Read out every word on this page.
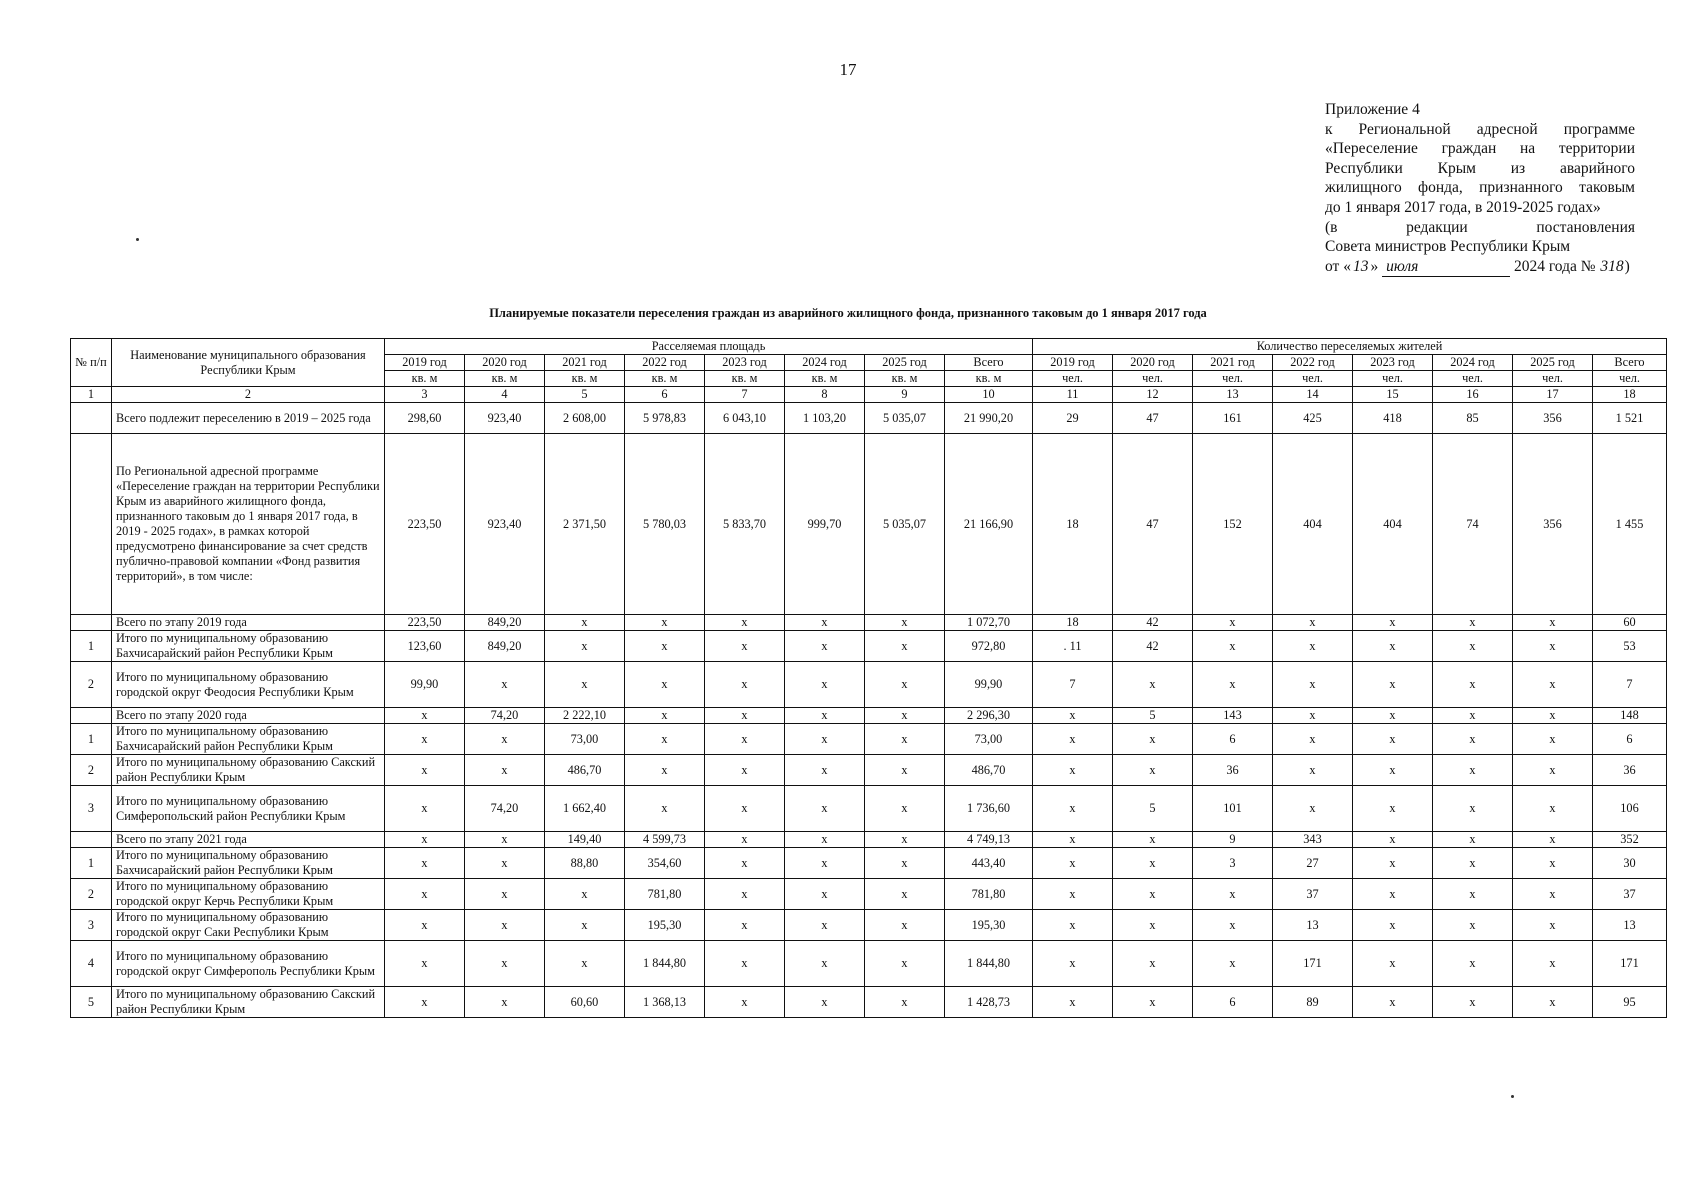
17
Приложение 4
к Региональной адресной программе
«Переселение граждан на территории
Республики Крым из аварийного
жилищного фонда, признанного таковым
до 1 января 2017 года, в 2019-2025 годах»
(в редакции постановления
Совета министров Республики Крым
от « 13 » июля	2024 года № 318)
Планируемые показатели переселения граждан из аварийного жилищного фонда, признанного таковым до 1 января 2017 года
№ п/п	Наименование муниципального образования Республики Крым	Расселяемая площадь								Количество переселяемых жителей							
		2019 год	2020 год	2021 год	2022 год	2023 год	2024 год	2025 год	Всего	2019 год	2020 год	2021 год	2022 год	2023 год	2024 год	2025 год	Всего
		кв. м	кв. м	кв. м	кв. м	кв. м	кв. м	кв. м	кв. м	чел.	чел.	чел.	чел.	чел.	чел.	чел.	чел.
1	2	3	4	5	6	7	8	9	10	11	12	13	14	15	16	17	18
	Всего подлежит переселению в 2019 – 2025 года	298,60	923,40	2 608,00	5 978,83	6 043,10	1 103,20	5 035,07	21 990,20	29	47	161	425	418	85	356	1 521
	По Региональной адресной программе «Переселение граждан на территории Республики Крым из аварийного жилищного фонда, признанного таковым до 1 января 2017 года, в 2019 - 2025 годах», в рамках которой предусмотрено финансирование за счет средств публично-правовой компании «Фонд развития территорий», в том числе:	223,50	923,40	2 371,50	5 780,03	5 833,70	999,70	5 035,07	21 166,90	18	47	152	404	404	74	356	1 455
	Всего по этапу 2019 года	223,50	849,20	x	x	x	x	x	1 072,70	18	42	x	x	x	x	x	60
1	Итого по муниципальному образованию Бахчисарайский район Республики Крым	123,60	849,20	x	x	x	x	x	972,80	. 11	42	x	x	x	x	x	53
2	Итого по муниципальному образованию городской округ Феодосия Республики Крым	99,90	x	x	x	x	x	x	99,90	7	x	x	x	x	x	x	7
	Всего по этапу 2020 года	x	74,20	2 222,10	x	x	x	x	2 296,30	x	5	143	x	x	x	x	148
1	Итого по муниципальному образованию Бахчисарайский район Республики Крым	x	x	73,00	x	x	x	x	73,00	x	x	6	x	x	x	x	6
2	Итого по муниципальному образованию Сакский район Республики Крым	x	x	486,70	x	x	x	x	486,70	x	x	36	x	x	x	x	36
3	Итого по муниципальному образованию Симферопольский район Республики Крым	x	74,20	1 662,40	x	x	x	x	1 736,60	x	5	101	x	x	x	x	106
	Всего по этапу 2021 года	x	x	149,40	4 599,73	x	x	x	4 749,13	x	x	9	343	x	x	x	352
1	Итого по муниципальному образованию Бахчисарайский район Республики Крым	x	x	88,80	354,60	x	x	x	443,40	x	x	3	27	x	x	x	30
2	Итого по муниципальному образованию городской округ Керчь Республики Крым	x	x	x	781,80	x	x	x	781,80	x	x	x	37	x	x	x	37
3	Итого по муниципальному образованию городской округ Саки Республики Крым	x	x	x	195,30	x	x	x	195,30	x	x	x	13	x	x	x	13
4	Итого по муниципальному образованию городской округ Симферополь Республики Крым	x	x	x	1 844,80	x	x	x	1 844,80	x	x	x	171	x	x	x	171
5	Итого по муниципальному образованию Сакский район Республики Крым	x	x	60,60	1 368,13	x	x	x	1 428,73	x	x	6	89	x	x	x	95
